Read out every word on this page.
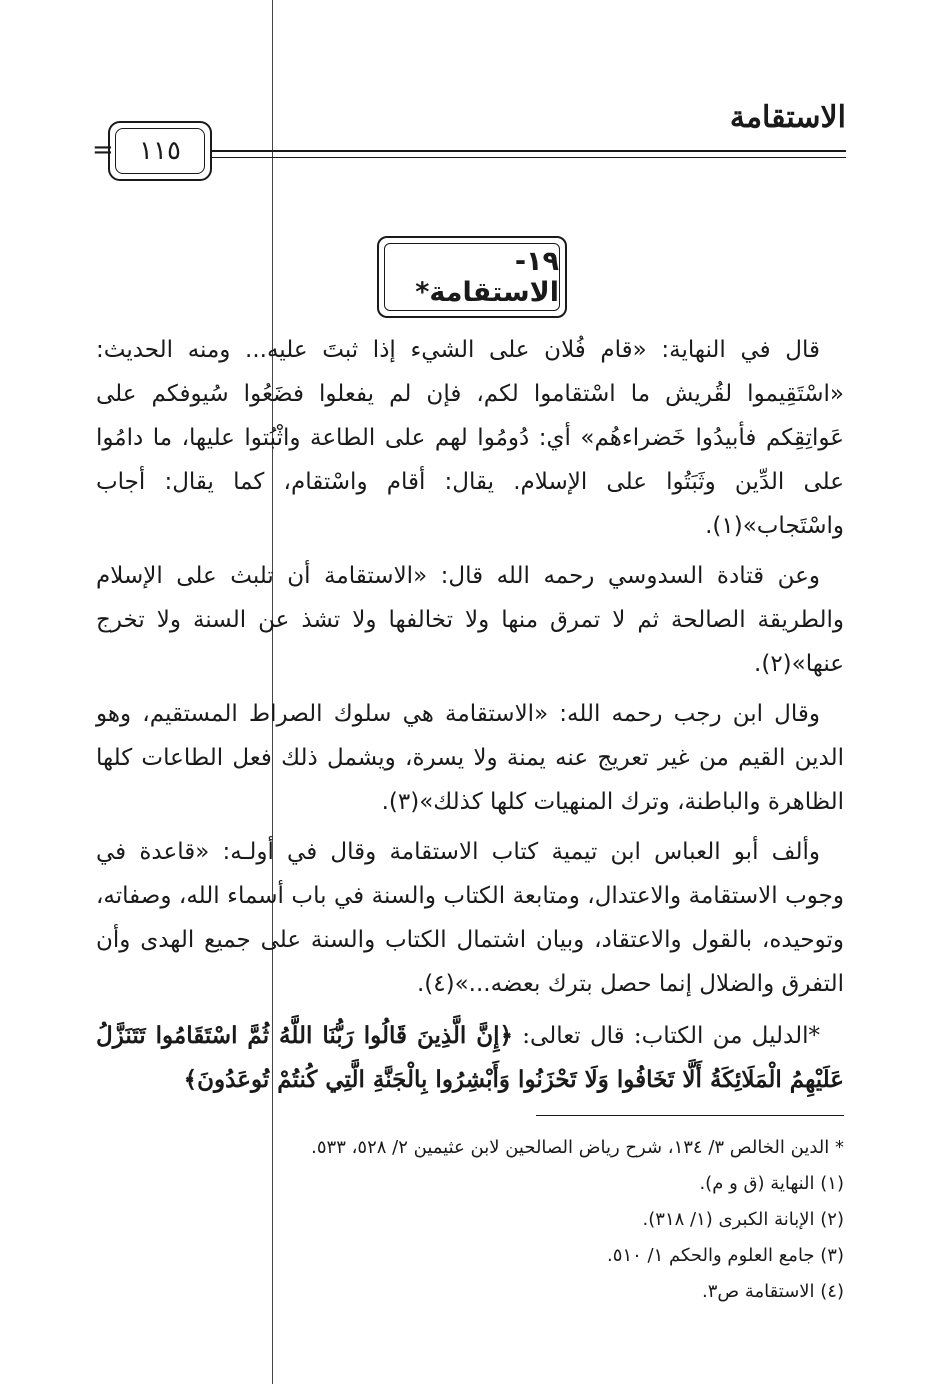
الاستقامة
= ١١٥
١٩- الاستقامة*

قال في النهاية: «قام فُلان على الشيء إذا ثبتَ عليه... ومنه الحديث: «اسْتَقِيموا لقُريش ما اسْتقاموا لكم، فإن لم يفعلوا فضَعُوا سُيوفكم على عَواتِقِكم فأبيدُوا خَضراءهُم» أي: دُومُوا لهم على الطاعة واثْبُتوا عليها، ما دامُوا على الدِّين وثَبَتُوا على الإسلام. يقال: أقام واسْتقام، كما يقال: أجاب واسْتَجاب»(١).

وعن قتادة السدوسي رحمه الله قال: «الاستقامة أن تلبث على الإسلام والطريقة الصالحة ثم لا تمرق منها ولا تخالفها ولا تشذ عن السنة ولا تخرج عنها»(٢).

وقال ابن رجب رحمه الله: «الاستقامة هي سلوك الصراط المستقيم، وهو الدين القيم من غير تعريج عنه يمنة ولا يسرة، ويشمل ذلك فعل الطاعات كلها الظاهرة والباطنة، وترك المنهيات كلها كذلك»(٣).

وألف أبو العباس ابن تيمية كتاب الاستقامة وقال في أولـه: «قاعدة في وجوب الاستقامة والاعتدال، ومتابعة الكتاب والسنة في باب أسماء الله، وصفاته، وتوحيده، بالقول والاعتقاد، وبيان اشتمال الكتاب والسنة على جميع الهدى وأن التفرق والضلال إنما حصل بترك بعضه...»(٤).

*الدليل من الكتاب: قال تعالى: ﴿إِنَّ الَّذِينَ قَالُوا رَبُّنَا اللَّهُ ثُمَّ اسْتَقَامُوا تَتَنَزَّلُ عَلَيْهِمُ الْمَلَائِكَةُ أَلَّا تَخَافُوا وَلَا تَحْزَنُوا وَأَبْشِرُوا بِالْجَنَّةِ الَّتِي كُنتُمْ تُوعَدُونَ﴾

* الدين الخالص ٣/ ١٣٤، شرح رياض الصالحين لابن عثيمين ٢/ ٥٢٨، ٥٣٣.
(١) النهاية (ق و م).
(٢) الإبانة الكبرى (١/ ٣١٨).
(٣) جامع العلوم والحكم ١/ ٥١٠.
(٤) الاستقامة ص٣.
